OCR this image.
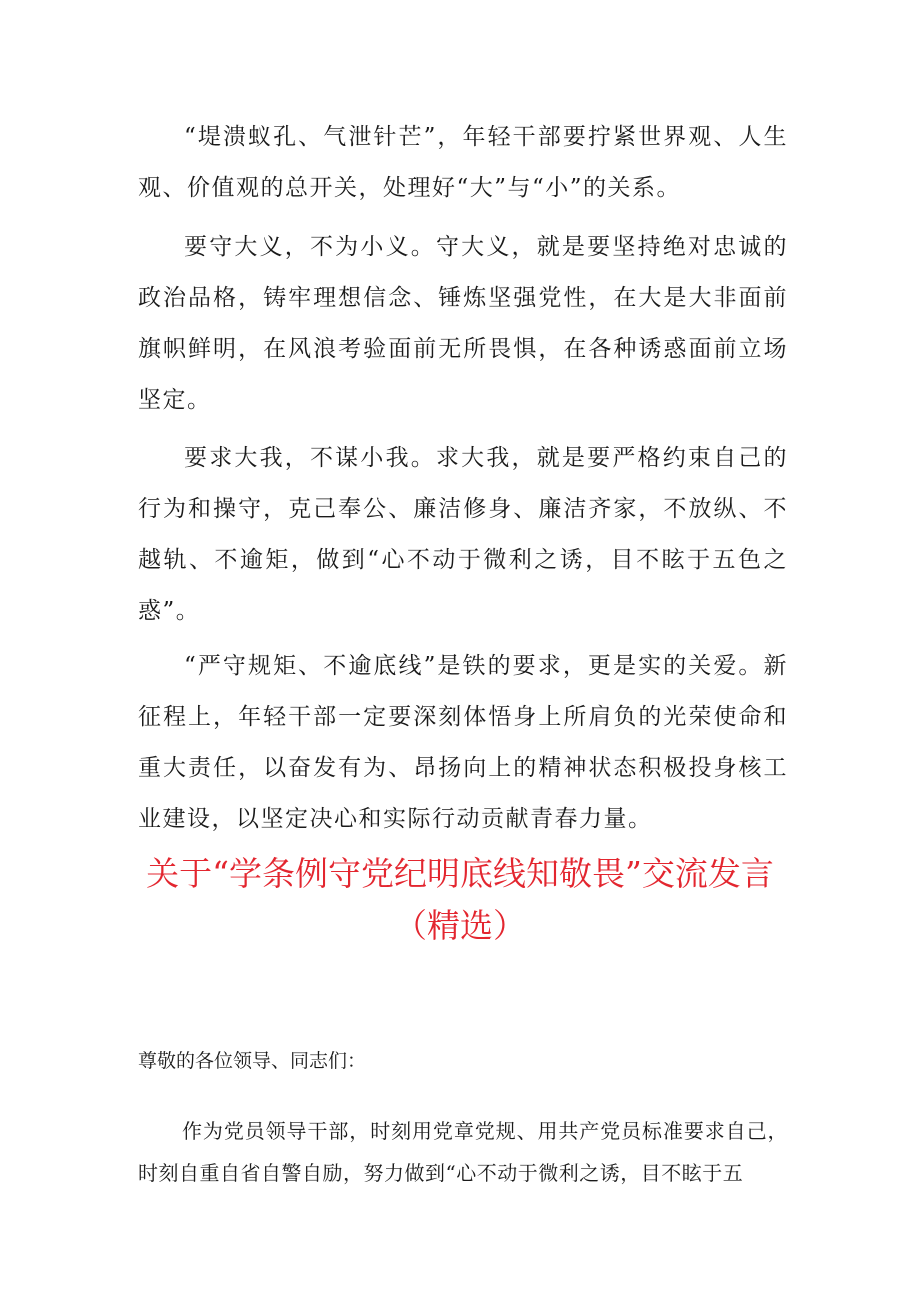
“堤溃蚁孔、气泄针芒”，年轻干部要拧紧世界观、人生观、价值观的总开关，处理好“大”与“小”的关系。

要守大义，不为小义。守大义，就是要坚持绝对忠诚的政治品格，铸牢理想信念、锤炼坚强党性，在大是大非面前旗帜鲜明，在风浪考验面前无所畏惧，在各种诱惑面前立场坚定。

要求大我，不谋小我。求大我，就是要严格约束自己的行为和操守，克己奉公、廉洁修身、廉洁齐家，不放纵、不越轨、不逾矩，做到“心不动于微利之诱，目不眩于五色之惑”。

“严守规矩、不逾底线”是铁的要求，更是实的关爱。新征程上，年轻干部一定要深刻体悟身上所肩负的光荣使命和重大责任，以奋发有为、昂扬向上的精神状态积极投身核工业建设，以坚定决心和实际行动贡献青春力量。

关于“学条例守党纪明底线知敬畏”交流发言（精选）

尊敬的各位领导、同志们：

作为党员领导干部，时刻用党章党规、用共产党员标准要求自己，时刻自重自省自警自励，努力做到“心不动于微利之诱，目不眩于五
